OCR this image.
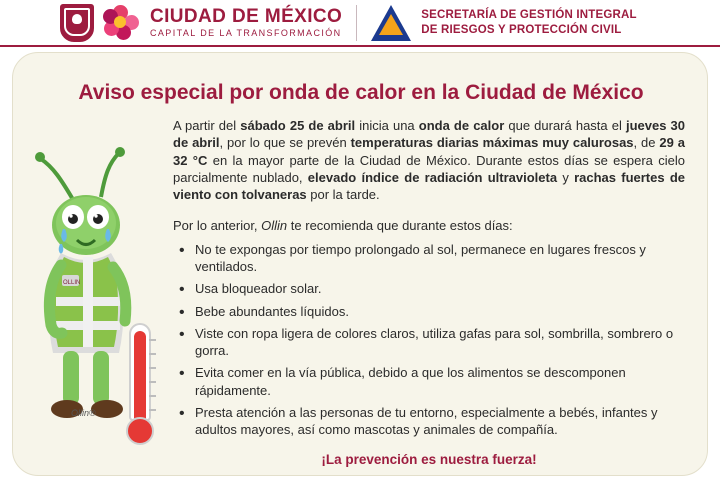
CIUDAD DE MÉXICO
CAPITAL DE LA TRANSFORMACIÓN
SECRETARÍA DE GESTIÓN INTEGRAL
DE RIESGOS Y PROTECCIÓN CIVIL
Aviso especial por onda de calor en la Ciudad de México
OLLIN
Ollin®

A partir del sábado 25 de abril inicia una onda de calor que durará hasta el jueves 30 de abril, por lo que se prevén temperaturas diarias máximas muy calurosas, de 29 a 32 °C en la mayor parte de la Ciudad de México. Durante estos días se espera cielo parcialmente nublado, elevado índice de radiación ultravioleta y rachas fuertes de viento con tolvaneras por la tarde.

Por lo anterior, Ollin te recomienda que durante estos días:

• No te expongas por tiempo prolongado al sol, permanece en lugares frescos y ventilados.
• Usa bloqueador solar.
• Bebe abundantes líquidos.
• Viste con ropa ligera de colores claros, utiliza gafas para sol, sombrilla, sombrero o gorra.
• Evita comer en la vía pública, debido a que los alimentos se descomponen rápidamente.
• Presta atención a las personas de tu entorno, especialmente a bebés, infantes y adultos mayores, así como mascotas y animales de compañía.
¡La prevención es nuestra fuerza!
